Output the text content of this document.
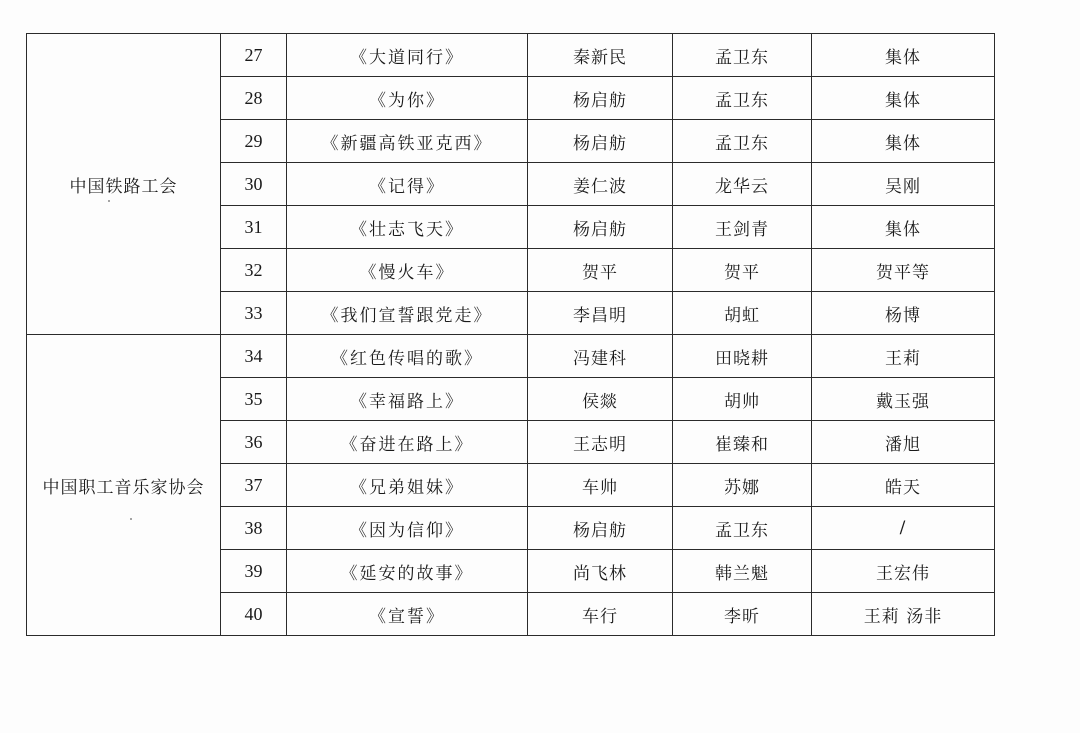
中国铁路工会	27	《大道同行》	秦新民	孟卫东	集体
	28	《为你》	杨启舫	孟卫东	集体
	29	《新疆高铁亚克西》	杨启舫	孟卫东	集体
	30	《记得》	姜仁波	龙华云	吴刚
	31	《壮志飞天》	杨启舫	王剑青	集体
	32	《慢火车》	贺平	贺平	贺平等
	33	《我们宣誓跟党走》	李昌明	胡虹	杨博
中国职工音乐家协会	34	《红色传唱的歌》	冯建科	田晓耕	王莉
	35	《幸福路上》	侯燚	胡帅	戴玉强
	36	《奋进在路上》	王志明	崔臻和	潘旭
	37	《兄弟姐妹》	车帅	苏娜	皓天
	38	《因为信仰》	杨启舫	孟卫东	/
	39	《延安的故事》	尚飞林	韩兰魁	王宏伟
	40	《宣誓》	车行	李昕	王莉 汤非
